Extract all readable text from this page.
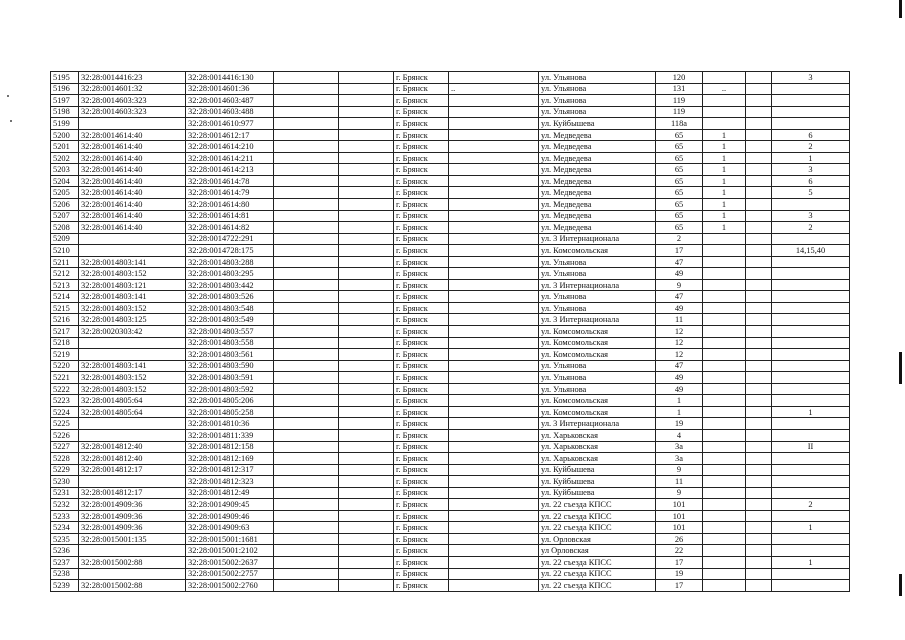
5195	32:28:0014416:23	32:28:0014416:130			г. Брянск		ул. Ульянова	120			3
5196	32:28:0014601:32	32:28:0014601:36			г. Брянск	..	ул. Ульянова	131	..		
5197	32:28:0014603:323	32:28:0014603:487			г. Брянск		ул. Ульянова	119			
5198	32:28:0014603:323	32:28:0014603:488			г. Брянск		ул. Ульянова	119			
5199		32:28:0014610:977			г. Брянск		ул. Куйбышева	118а			
5200	32:28:0014614:40	32:28:0014612:17			г. Брянск		ул. Медведева	65	1		6
5201	32:28:0014614:40	32:28:0014614:210			г. Брянск		ул. Медведева	65	1		2
5202	32:28:0014614:40	32:28:0014614:211			г. Брянск		ул. Медведева	65	1		1
5203	32:28:0014614:40	32:28:0014614:213			г. Брянск		ул. Медведева	65	1		3
5204	32:28:0014614:40	32:28:0014614:78			г. Брянск		ул. Медведева	65	1		6
5205	32:28:0014614:40	32:28:0014614:79			г. Брянск		ул. Медведева	65	1		5
5206	32:28:0014614:40	32:28:0014614:80			г. Брянск		ул. Медведева	65	1		
5207	32:28:0014614:40	32:28:0014614:81			г. Брянск		ул. Медведева	65	1		3
5208	32:28:0014614:40	32:28:0014614:82			г. Брянск		ул. Медведева	65	1		2
5209		32:28:0014722:291			г. Брянск		ул. 3 Интернационала	2			
5210		32:28:0014728:175			г. Брянск		ул. Комсомольская	17			14,15,40
5211	32:28:0014803:141	32:28:0014803:288			г. Брянск		ул. Ульянова	47			
5212	32:28:0014803:152	32:28:0014803:295			г. Брянск		ул. Ульянова	49			
5213	32:28:0014803:121	32:28:0014803:442			г. Брянск		ул. 3 Интернационала	9			
5214	32:28:0014803:141	32:28:0014803:526			г. Брянск		ул. Ульянова	47			
5215	32:28:0014803:152	32:28:0014803:548			г. Брянск		ул. Ульянова	49			
5216	32:28:0014803:125	32:28:0014803:549			г. Брянск		ул. 3 Интернационала	11			
5217	32:28:0020303:42	32:28:0014803:557			г. Брянск		ул. Комсомольская	12			
5218		32:28:0014803:558			г. Брянск		ул. Комсомольская	12			
5219		32:28:0014803:561			г. Брянск		ул. Комсомольская	12			
5220	32:28:0014803:141	32:28:0014803:590			г. Брянск		ул. Ульянова	47			
5221	32:28:0014803:152	32:28:0014803:591			г. Брянск		ул. Ульянова	49			
5222	32:28:0014803:152	32:28:0014803:592			г. Брянск		ул. Ульянова	49			
5223	32:28:0014805:64	32:28:0014805:206			г. Брянск		ул. Комсомольская	1			
5224	32:28:0014805:64	32:28:0014805:258			г. Брянск		ул. Комсомольская	1			1
5225		32:28:0014810:36			г. Брянск		ул. 3 Интернационала	19			
5226		32:28:0014811:339			г. Брянск		ул. Харьковская	4			
5227	32:28:0014812:40	32:28:0014812:158			г. Брянск		ул. Харьковская	3а			II
5228	32:28:0014812:40	32:28:0014812:169			г. Брянск		ул. Харьковская	3а			
5229	32:28:0014812:17	32:28:0014812:317			г. Брянск		ул. Куйбышева	9			
5230		32:28:0014812:323			г. Брянск		ул. Куйбышева	11			
5231	32:28:0014812:17	32:28:0014812:49			г. Брянск		ул. Куйбышева	9			
5232	32:28:0014909:36	32:28:0014909:45			г. Брянск		ул. 22 съезда КПСС	101			2
5233	32:28:0014909:36	32:28:0014909:46			г. Брянск		ул. 22 съезда КПСС	101			
5234	32:28:0014909:36	32:28:0014909:63			г. Брянск		ул. 22 съезда КПСС	101			1
5235	32:28:0015001:135	32:28:0015001:1681			г. Брянск		ул. Орловская	26			
5236		32:28:0015001:2102			г. Брянск		ул Орловская	22			
5237	32:28:0015002:88	32:28:0015002:2637			г. Брянск		ул. 22 съезда КПСС	17			1
5238		32:28:0015002:2757			г. Брянск		ул. 22 съезда КПСС	19			
5239	32:28:0015002:88	32:28:0015002:2760			г. Брянск		ул. 22 съезда КПСС	17			
